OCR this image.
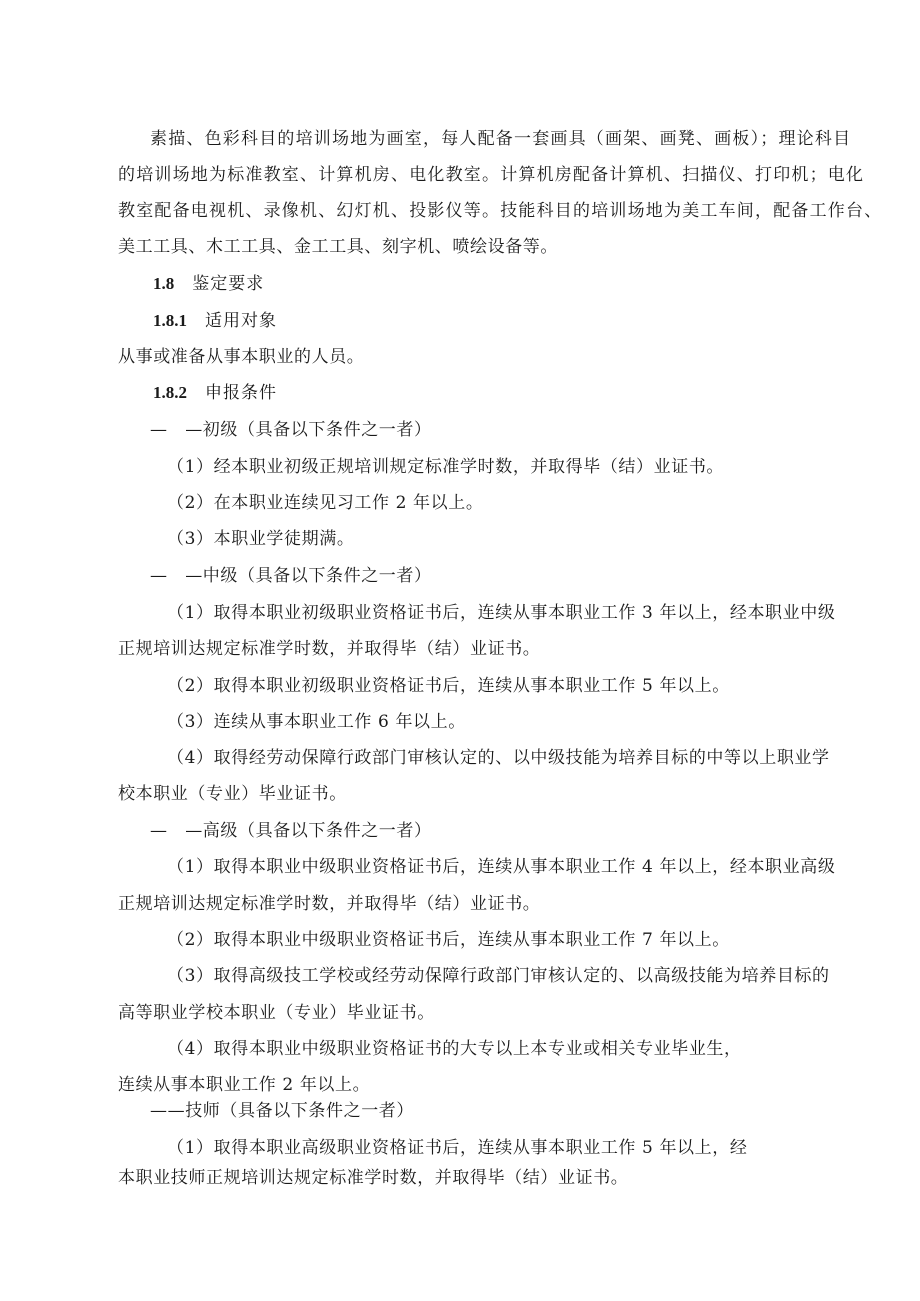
素描、色彩科目的培训场地为画室，每人配备一套画具（画架、画凳、画板）；理论科目
的培训场地为标准教室、计算机房、电化教室。计算机房配备计算机、扫描仪、打印机；电化
教室配备电视机、录像机、幻灯机、投影仪等。技能科目的培训场地为美工车间，配备工作台、
美工工具、木工工具、金工工具、刻字机、喷绘设备等。
1.8 鉴定要求
1.8.1 适用对象
从事或准备从事本职业的人员。
1.8.2 申报条件
—　—初级（具备以下条件之一者）
（1）经本职业初级正规培训规定标准学时数，并取得毕（结）业证书。
（2）在本职业连续见习工作 2 年以上。
（3）本职业学徒期满。
—　—中级（具备以下条件之一者）
（1）取得本职业初级职业资格证书后，连续从事本职业工作 3 年以上，经本职业中级
正规培训达规定标准学时数，并取得毕（结）业证书。
（2）取得本职业初级职业资格证书后，连续从事本职业工作 5 年以上。
（3）连续从事本职业工作 6 年以上。
（4）取得经劳动保障行政部门审核认定的、以中级技能为培养目标的中等以上职业学
校本职业（专业）毕业证书。
—　—高级（具备以下条件之一者）
（1）取得本职业中级职业资格证书后，连续从事本职业工作 4 年以上，经本职业高级
正规培训达规定标准学时数，并取得毕（结）业证书。
（2）取得本职业中级职业资格证书后，连续从事本职业工作 7 年以上。
（3）取得高级技工学校或经劳动保障行政部门审核认定的、以高级技能为培养目标的
高等职业学校本职业（专业）毕业证书。
（4）取得本职业中级职业资格证书的大专以上本专业或相关专业毕业生，
连续从事本职业工作 2 年以上。
——技师（具备以下条件之一者）
（1）取得本职业高级职业资格证书后，连续从事本职业工作 5 年以上，经
本职业技师正规培训达规定标准学时数，并取得毕（结）业证书。
